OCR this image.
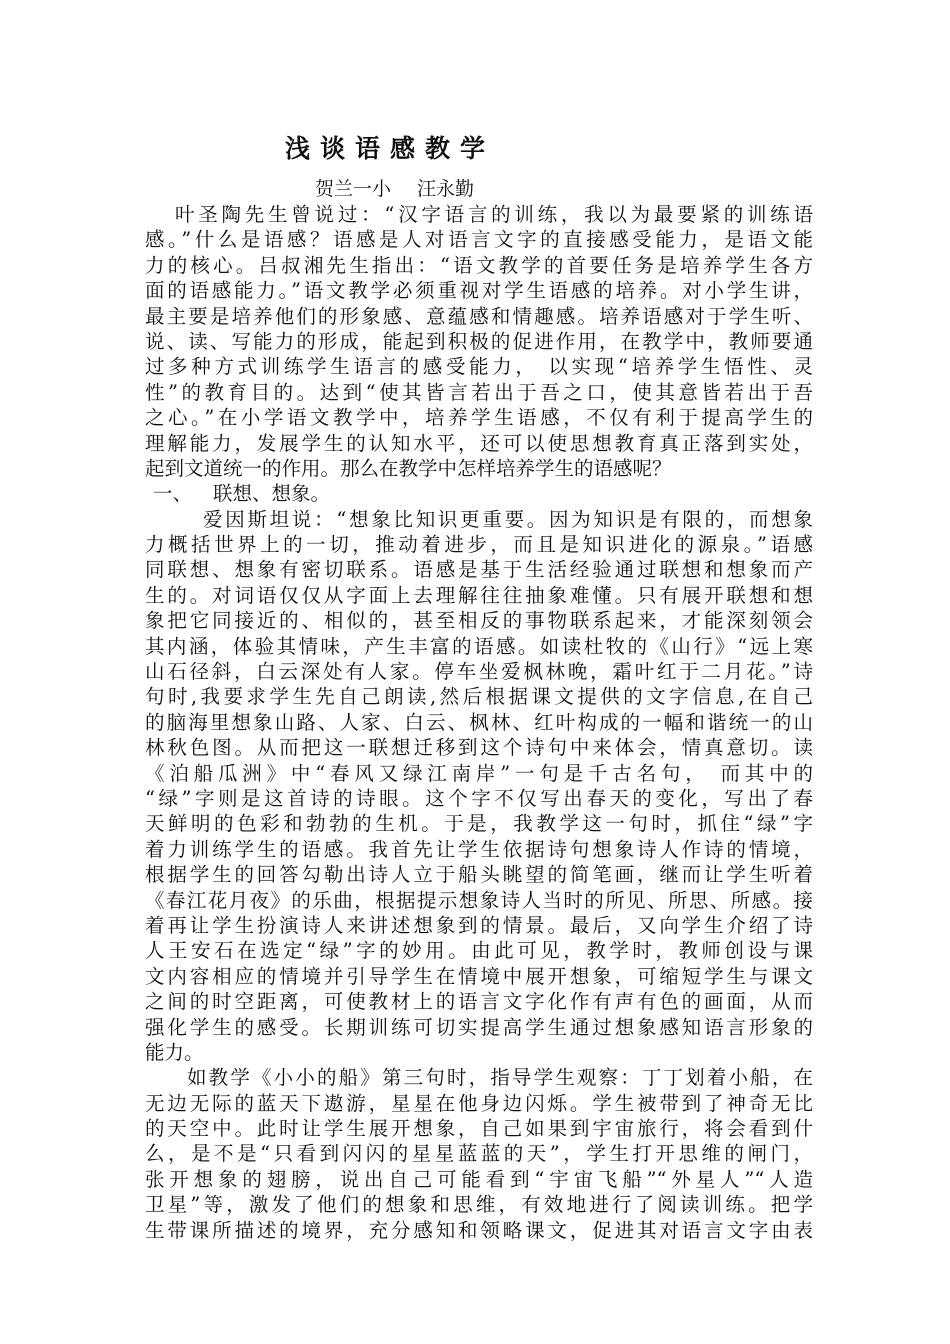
浅谈语感教学
贺兰一小 汪永勤
叶圣陶先生曾说过：“汉字语言的训练，我以为最要紧的训练语
感。”什么是语感？语感是人对语言文字的直接感受能力，是语文能
力的核心。吕叔湘先生指出：“语文教学的首要任务是培养学生各方
面的语感能力。”语文教学必须重视对学生语感的培养。对小学生讲，
最主要是培养他们的形象感、意蕴感和情趣感。培养语感对于学生听、
说、读、写能力的形成，能起到积极的促进作用，在教学中，教师要通
过多种方式训练学生语言的感受能力， 以实现“培养学生悟性、灵
性”的教育目的。达到“使其皆言若出于吾之口，使其意皆若出于吾
之心。”在小学语文教学中，培养学生语感，不仅有利于提高学生的
理解能力，发展学生的认知水平，还可以使思想教育真正落到实处，
起到文道统一的作用。那么在教学中怎样培养学生的语感呢？
一、 联想、想象。
爱因斯坦说：“想象比知识更重要。因为知识是有限的，而想象
力概括世界上的一切，推动着进步，而且是知识进化的源泉。”语感
同联想、想象有密切联系。语感是基于生活经验通过联想和想象而产
生的。对词语仅仅从字面上去理解往往抽象难懂。只有展开联想和想
象把它同接近的、相似的，甚至相反的事物联系起来，才能深刻领会
其内涵，体验其情味，产生丰富的语感。如读杜牧的《山行》“远上寒
山石径斜，白云深处有人家。停车坐爱枫林晚，霜叶红于二月花。”诗
句时,我要求学生先自己朗读,然后根据课文提供的文字信息,在自己
的脑海里想象山路、人家、白云、枫林、红叶构成的一幅和谐统一的山
林秋色图。从而把这一联想迁移到这个诗句中来体会，情真意切。读
《泊船瓜洲》中“春风又绿江南岸”一句是千古名句， 而其中的
“绿”字则是这首诗的诗眼。这个字不仅写出春天的变化，写出了春
天鲜明的色彩和勃勃的生机。于是，我教学这一句时，抓住“绿”字
着力训练学生的语感。我首先让学生依据诗句想象诗人作诗的情境，
根据学生的回答勾勒出诗人立于船头眺望的简笔画，继而让学生听着
《春江花月夜》的乐曲，根据提示想象诗人当时的所见、所思、所感。接
着再让学生扮演诗人来讲述想象到的情景。最后，又向学生介绍了诗
人王安石在选定“绿”字的妙用。由此可见，教学时，教师创设与课
文内容相应的情境并引导学生在情境中展开想象，可缩短学生与课文
之间的时空距离，可使教材上的语言文字化作有声有色的画面，从而
强化学生的感受。长期训练可切实提高学生通过想象感知语言形象的
能力。
如教学《小小的船》第三句时，指导学生观察：丁丁划着小船，在
无边无际的蓝天下遨游，星星在他身边闪烁。学生被带到了神奇无比
的天空中。此时让学生展开想象，自己如果到宇宙旅行，将会看到什
么，是不是“只看到闪闪的星星蓝蓝的天”，学生打开思维的闸门，
张开想象的翅膀，说出自己可能看到“宇宙飞船”“外星人”“人造
卫星”等，激发了他们的想象和思维，有效地进行了阅读训练。把学
生带课所描述的境界，充分感知和领略课文，促进其对语言文字由表
